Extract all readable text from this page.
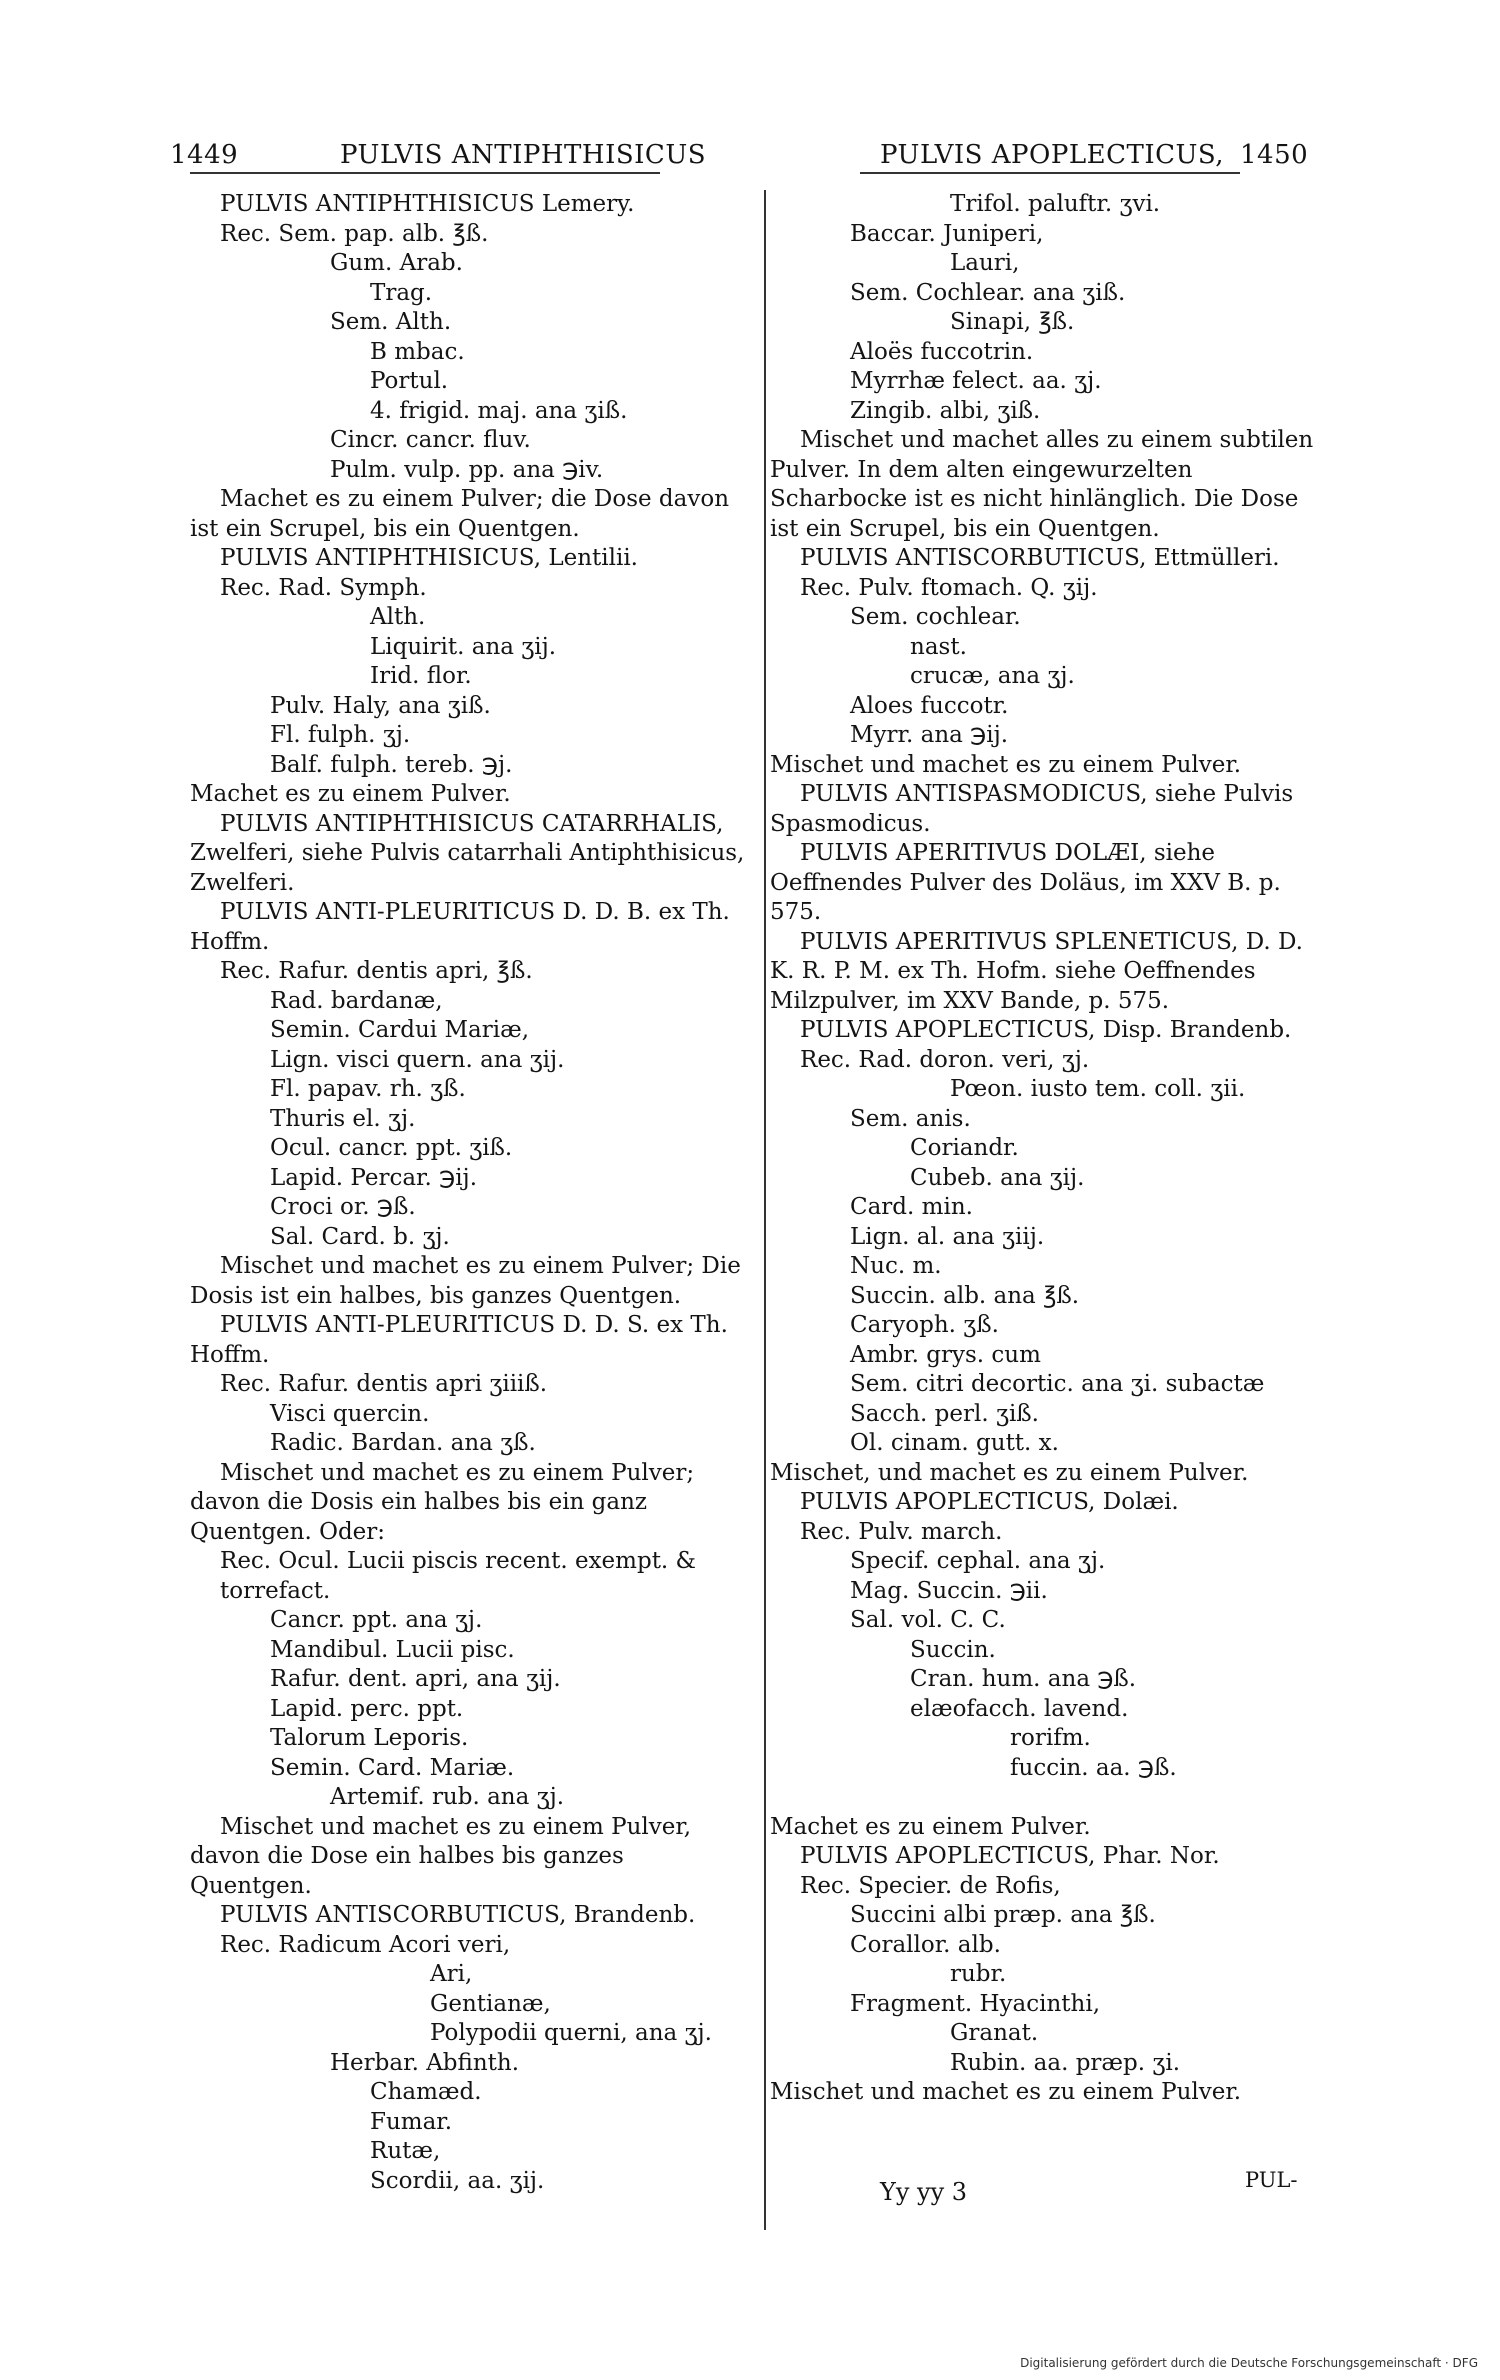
1449	PULVIS ANTIPHTHISICUS	PULVIS APOPLECTICUS, 1450
PULVIS ANTIPHTHISICUS Lemery.
Rec. Sem. pap. alb. ℥ß.
Gum. Arab.
Trag.
Sem. Alth.
B mbac.
Portul.
4. frigid. maj. ana ʒiß.
Cincr. cancr. fluv.
Pulm. vulp. pp. ana ℈iv.
Machet es zu einem Pulver; die Dose davon ist ein Scrupel, bis ein Quentgen.
PULVIS ANTIPHTHISICUS, Lentilii.
Rec. Rad. Symph.
Alth.
Liquirit. ana ʒij.
Irid. flor.
Pulv. Haly, ana ʒiß.
Fl. fulph. ʒj.
Balf. fulph. tereb. ℈j.
Machet es zu einem Pulver.
PULVIS ANTIPHTHISICUS CATARRHALIS, Zwelferi, siehe Pulvis catarrhali Antiphthisicus, Zwelferi.
PULVIS ANTI-PLEURITICUS D. D. B. ex Th. Hoffm.
Rec. Rafur. dentis apri, ℥ß.
Rad. bardanæ,
Semin. Cardui Mariæ,
Lign. visci quern. ana ʒij.
Fl. papav. rh. ʒß.
Thuris el. ʒj.
Ocul. cancr. ppt. ʒiß.
Lapid. Percar. ℈ij.
Croci or. ℈ß.
Sal. Card. b. ʒj.
Mischet und machet es zu einem Pulver; Die Dosis ist ein halbes, bis ganzes Quentgen.
PULVIS ANTI-PLEURITICUS D. D. S. ex Th. Hoffm.
Rec. Rafur. dentis apri ʒiiiß.
Visci quercin.
Radic. Bardan. ana ʒß.
Mischet und machet es zu einem Pulver; davon die Dosis ein halbes bis ein ganz Quentgen. Oder:
Rec. Ocul. Lucii piscis recent. exempt. & torrefact.
Cancr. ppt. ana ʒj.
Mandibul. Lucii pisc.
Rafur. dent. apri, ana ʒij.
Lapid. perc. ppt.
Talorum Leporis.
Semin. Card. Mariæ.
Artemif. rub. ana ʒj.
Mischet und machet es zu einem Pulver, davon die Dose ein halbes bis ganzes Quentgen.
PULVIS ANTISCORBUTICUS, Brandenb.
Rec. Radicum Acori veri,
Ari,
Gentianæ,
Polypodii querni, ana ʒj.
Herbar. Abfinth.
Chamæd.
Fumar.
Rutæ,
Scordii, aa. ʒij.
Trifol. paluftr. ʒvi.
Baccar. Juniperi,
Lauri,
Sem. Cochlear. ana ʒiß.
Sinapi, ℥ß.
Aloës fuccotrin.
Myrrhæ felect. aa. ʒj.
Zingib. albi, ʒiß.
Mischet und machet alles zu einem subtilen Pulver. In dem alten eingewurzelten Scharbocke ist es nicht hinlänglich. Die Dose ist ein Scrupel, bis ein Quentgen.
PULVIS ANTISCORBUTICUS, Ettmülleri.
Rec. Pulv. ftomach. Q. ʒij.
Sem. cochlear.
nast.
crucæ, ana ʒj.
Aloes fuccotr.
Myrr. ana ℈ij.
Mischet und machet es zu einem Pulver.
PULVIS ANTISPASMODICUS, siehe Pulvis Spasmodicus.
PULVIS APERITIVUS DOLÆI, siehe Oeffnendes Pulver des Doläus, im XXV B. p. 575.
PULVIS APERITIVUS SPLENETICUS, D. D. K. R. P. M. ex Th. Hofm. siehe Oeffnendes Milzpulver, im XXV Bande, p. 575.
PULVIS APOPLECTICUS, Disp. Brandenb.
Rec. Rad. doron. veri, ʒj.
Pœon. iusto tem. coll. ʒii.
Sem. anis.
Coriandr.
Cubeb. ana ʒij.
Card. min.
Lign. al. ana ʒiij.
Nuc. m.
Succin. alb. ana ℥ß.
Caryoph. ʒß.
Ambr. grys. cum
Sem. citri decortic. ana ʒi. subactæ
Sacch. perl. ʒiß.
Ol. cinam. gutt. x.
Mischet, und machet es zu einem Pulver.
PULVIS APOPLECTICUS, Dolæi.
Rec. Pulv. march.
Specif. cephal. ana ʒj.
Mag. Succin. ℈ii.
Sal. vol. C. C.
Succin.
Cran. hum. ana ℈ß.
elæofacch. lavend.
rorifm.
fuccin. aa. ℈ß.
Machet es zu einem Pulver.
PULVIS APOPLECTICUS, Phar. Nor.
Rec. Specier. de Rofis,
Succini albi præp. ana ℥ß.
Corallor. alb.
rubr.
Fragment. Hyacinthi,
Granat.
Rubin. aa. præp. ʒi.
Mischet und machet es zu einem Pulver.
Yy yy 3	PUL-
Digitalisierung gefördert durch die Deutsche Forschungsgemeinschaft · DFG
